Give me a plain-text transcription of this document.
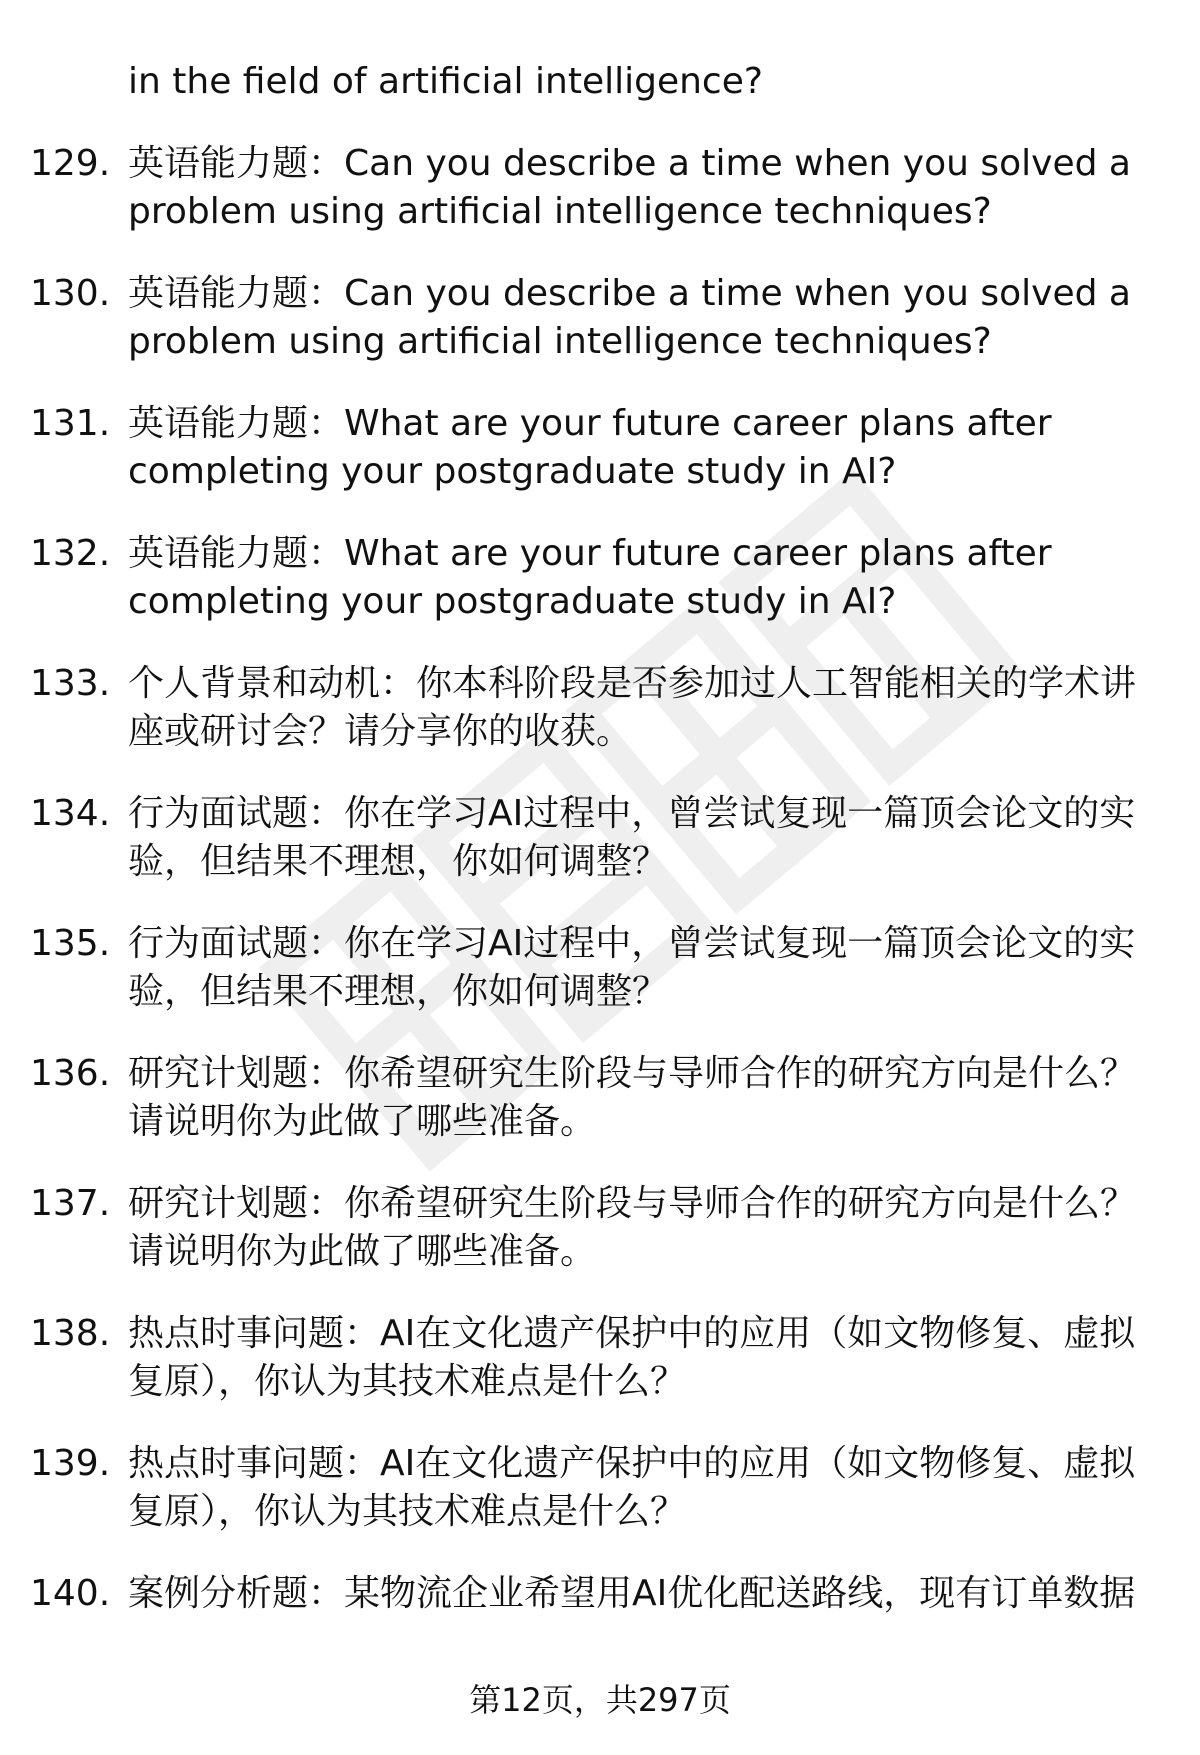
in the field of artificial intelligence?

129. 英语能力题：Can you describe a time when you solved a problem using artificial intelligence techniques?

130. 英语能力题：Can you describe a time when you solved a problem using artificial intelligence techniques?

131. 英语能力题：What are your future career plans after completing your postgraduate study in AI?

132. 英语能力题：What are your future career plans after completing your postgraduate study in AI?

133. 个人背景和动机：你本科阶段是否参加过人工智能相关的学术讲座或研讨会？请分享你的收获。

134. 行为面试题：你在学习AI过程中，曾尝试复现一篇顶会论文的实验，但结果不理想，你如何调整？

135. 行为面试题：你在学习AI过程中，曾尝试复现一篇顶会论文的实验，但结果不理想，你如何调整？

136. 研究计划题：你希望研究生阶段与导师合作的研究方向是什么？请说明你为此做了哪些准备。

137. 研究计划题：你希望研究生阶段与导师合作的研究方向是什么？请说明你为此做了哪些准备。

138. 热点时事问题：AI在文化遗产保护中的应用（如文物修复、虚拟复原），你认为其技术难点是什么？

139. 热点时事问题：AI在文化遗产保护中的应用（如文物修复、虚拟复原），你认为其技术难点是什么？

140. 案例分析题：某物流企业希望用AI优化配送路线，现有订单数据

第12页，共297页
